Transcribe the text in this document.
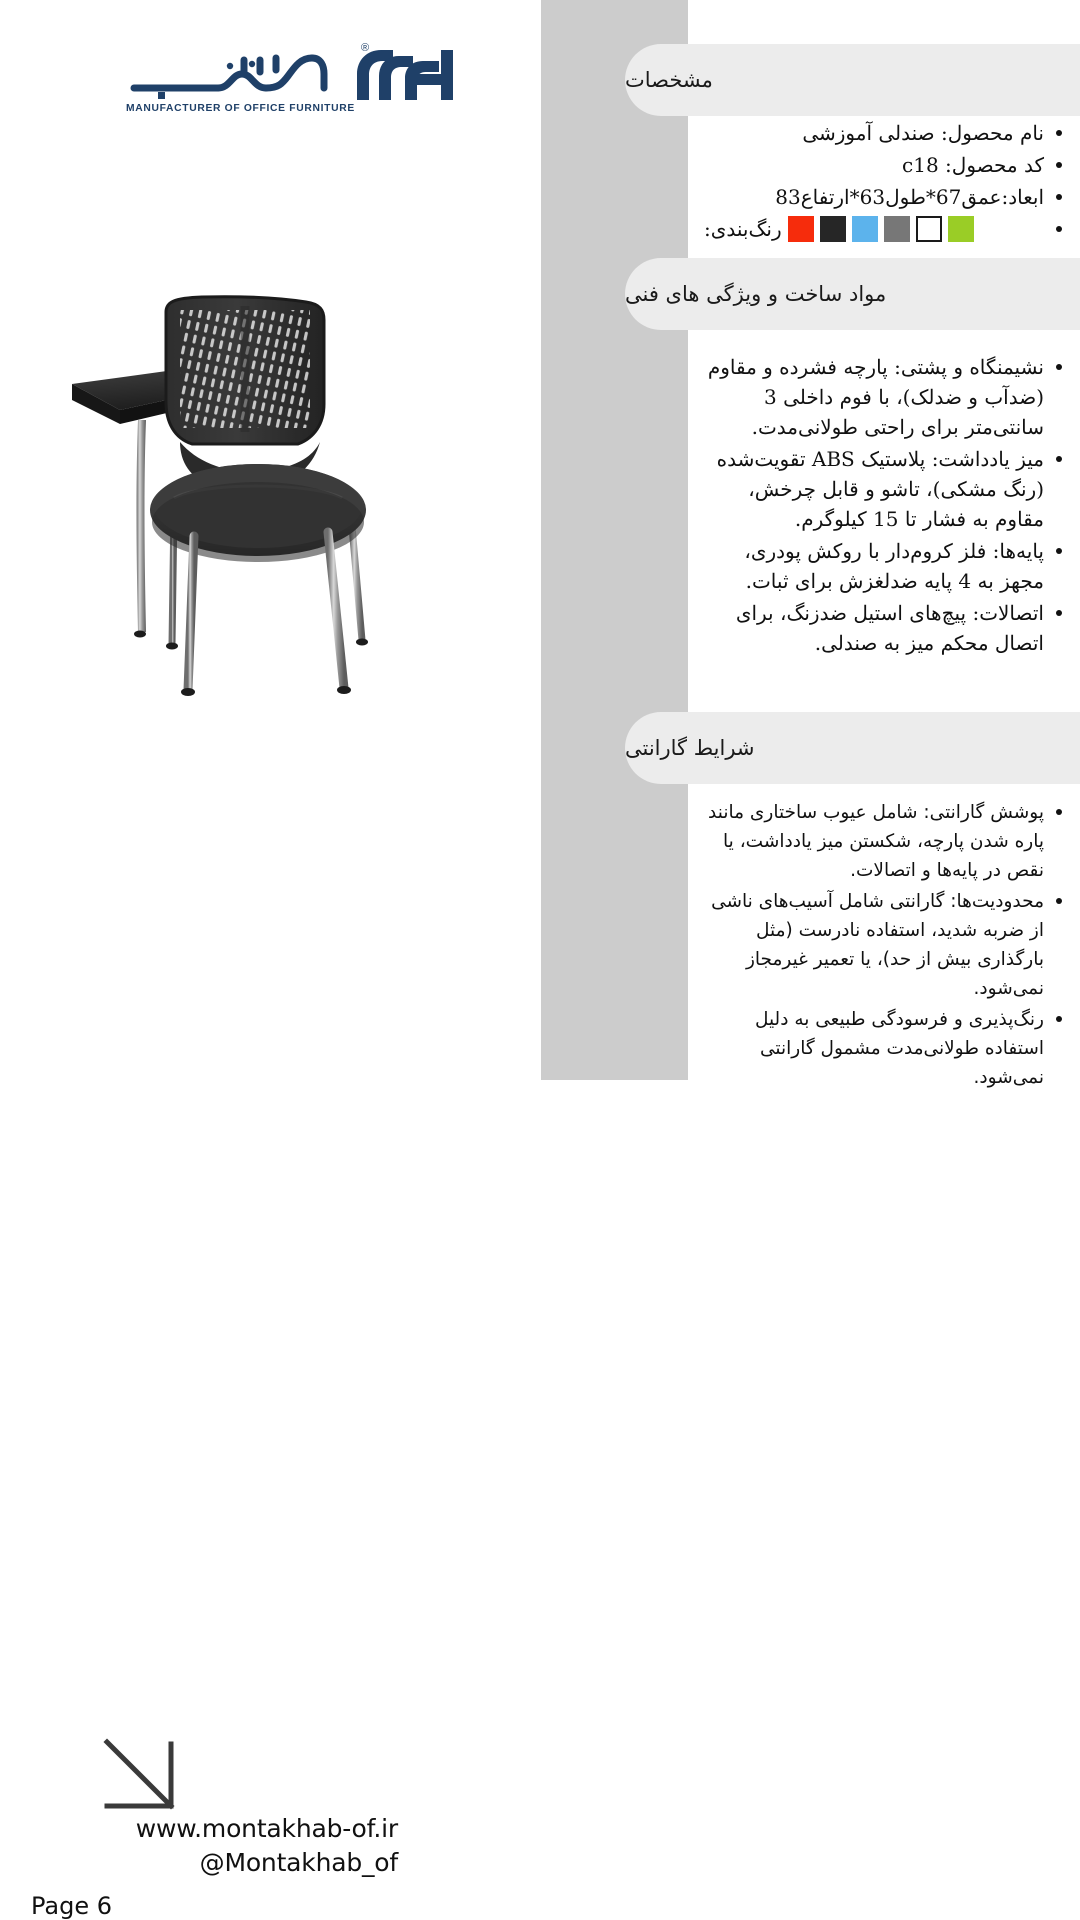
MANUFACTURER OF OFFICE FURNITURE
®
www.montakhab-of.ir
@Montakhab_of
Page 6
مشخصات
نام محصول: صندلی آموزشی
کد محصول: c18
ابعاد:عمق67*طول63*ارتفاع83
رنگ‌بندی:
مواد ساخت و ویژگی های فنی
نشیمنگاه و پشتی: پارچه فشرده و مقاوم (ضدآب و ضدلک)، با فوم داخلی 3 سانتی‌متر برای راحتی طولانی‌مدت.
میز یادداشت: پلاستیک ABS تقویت‌شده (رنگ مشکی)، تاشو و قابل چرخش، مقاوم به فشار تا 15 کیلوگرم.
پایه‌ها: فلز کروم‌دار با روکش پودری، مجهز به 4 پایه ضدلغزش برای ثبات.
اتصالات: پیچ‌های استیل ضدزنگ، برای اتصال محکم میز به صندلی.
شرایط گارانتی
پوشش گارانتی: شامل عیوب ساختاری مانند پاره شدن پارچه، شکستن میز یادداشت، یا نقص در پایه‌ها و اتصالات.
محدودیت‌ها: گارانتی شامل آسیب‌های ناشی از ضربه شدید، استفاده نادرست (مثل بارگذاری بیش از حد)، یا تعمیر غیرمجاز نمی‌شود.
رنگ‌پذیری و فرسودگی طبیعی به دلیل استفاده طولانی‌مدت مشمول گارانتی نمی‌شود.
